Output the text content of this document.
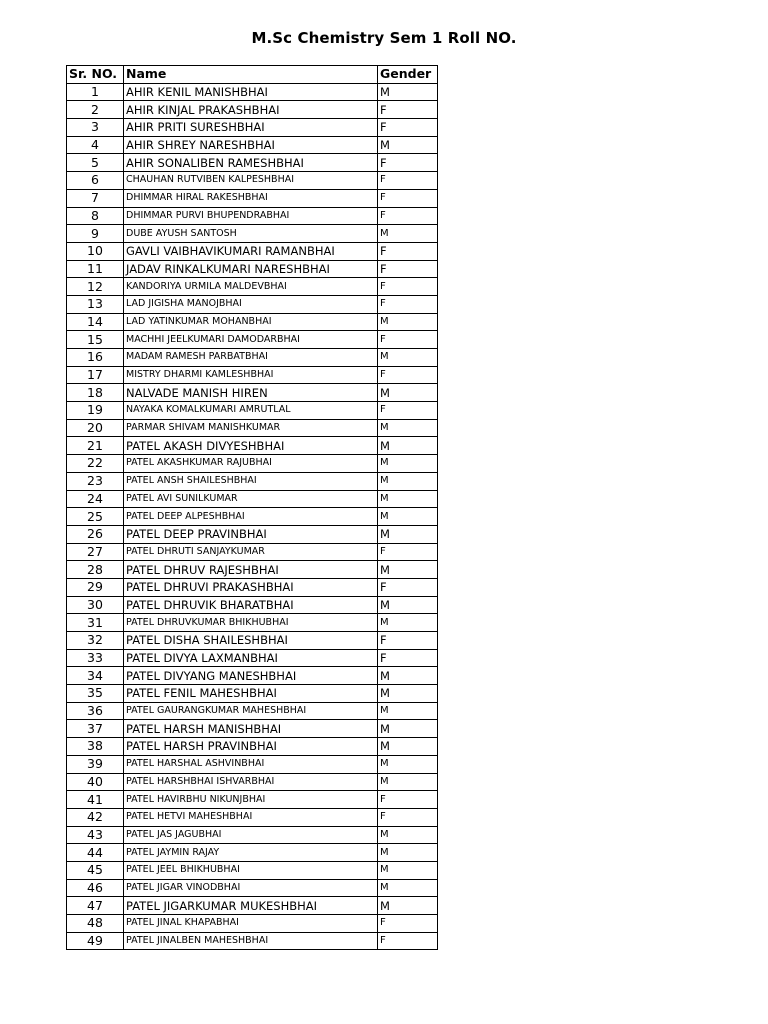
M.Sc Chemistry Sem 1 Roll NO.
Sr. NO.	Name	Gender
1	AHIR KENIL MANISHBHAI	M
2	AHIR KINJAL PRAKASHBHAI	F
3	AHIR PRITI SURESHBHAI	F
4	AHIR SHREY NARESHBHAI	M
5	AHIR SONALIBEN RAMESHBHAI	F
6	CHAUHAN RUTVIBEN KALPESHBHAI	F
7	DHIMMAR HIRAL RAKESHBHAI	F
8	DHIMMAR PURVI BHUPENDRABHAI	F
9	DUBE AYUSH SANTOSH	M
10	GAVLI VAIBHAVIKUMARI RAMANBHAI	F
11	JADAV RINKALKUMARI NARESHBHAI	F
12	KANDORIYA URMILA MALDEVBHAI	F
13	LAD JIGISHA MANOJBHAI	F
14	LAD YATINKUMAR MOHANBHAI	M
15	MACHHI JEELKUMARI DAMODARBHAI	F
16	MADAM RAMESH PARBATBHAI	M
17	MISTRY DHARMI KAMLESHBHAI	F
18	NALVADE MANISH HIREN	M
19	NAYAKA KOMALKUMARI AMRUTLAL	F
20	PARMAR SHIVAM MANISHKUMAR	M
21	PATEL AKASH DIVYESHBHAI	M
22	PATEL AKASHKUMAR RAJUBHAI	M
23	PATEL ANSH SHAILESHBHAI	M
24	PATEL AVI SUNILKUMAR	M
25	PATEL DEEP ALPESHBHAI	M
26	PATEL DEEP PRAVINBHAI	M
27	PATEL DHRUTI SANJAYKUMAR	F
28	PATEL DHRUV RAJESHBHAI	M
29	PATEL DHRUVI PRAKASHBHAI	F
30	PATEL DHRUVIK BHARATBHAI	M
31	PATEL DHRUVKUMAR BHIKHUBHAI	M
32	PATEL DISHA SHAILESHBHAI	F
33	PATEL DIVYA LAXMANBHAI	F
34	PATEL DIVYANG MANESHBHAI	M
35	PATEL FENIL MAHESHBHAI	M
36	PATEL GAURANGKUMAR MAHESHBHAI	M
37	PATEL HARSH MANISHBHAI	M
38	PATEL HARSH PRAVINBHAI	M
39	PATEL HARSHAL ASHVINBHAI	M
40	PATEL HARSHBHAI ISHVARBHAI	M
41	PATEL HAVIRBHU NIKUNJBHAI	F
42	PATEL HETVI MAHESHBHAI	F
43	PATEL JAS JAGUBHAI	M
44	PATEL JAYMIN RAJAY	M
45	PATEL JEEL BHIKHUBHAI	M
46	PATEL JIGAR VINODBHAI	M
47	PATEL JIGARKUMAR MUKESHBHAI	M
48	PATEL JINAL KHAPABHAI	F
49	PATEL JINALBEN MAHESHBHAI	F
